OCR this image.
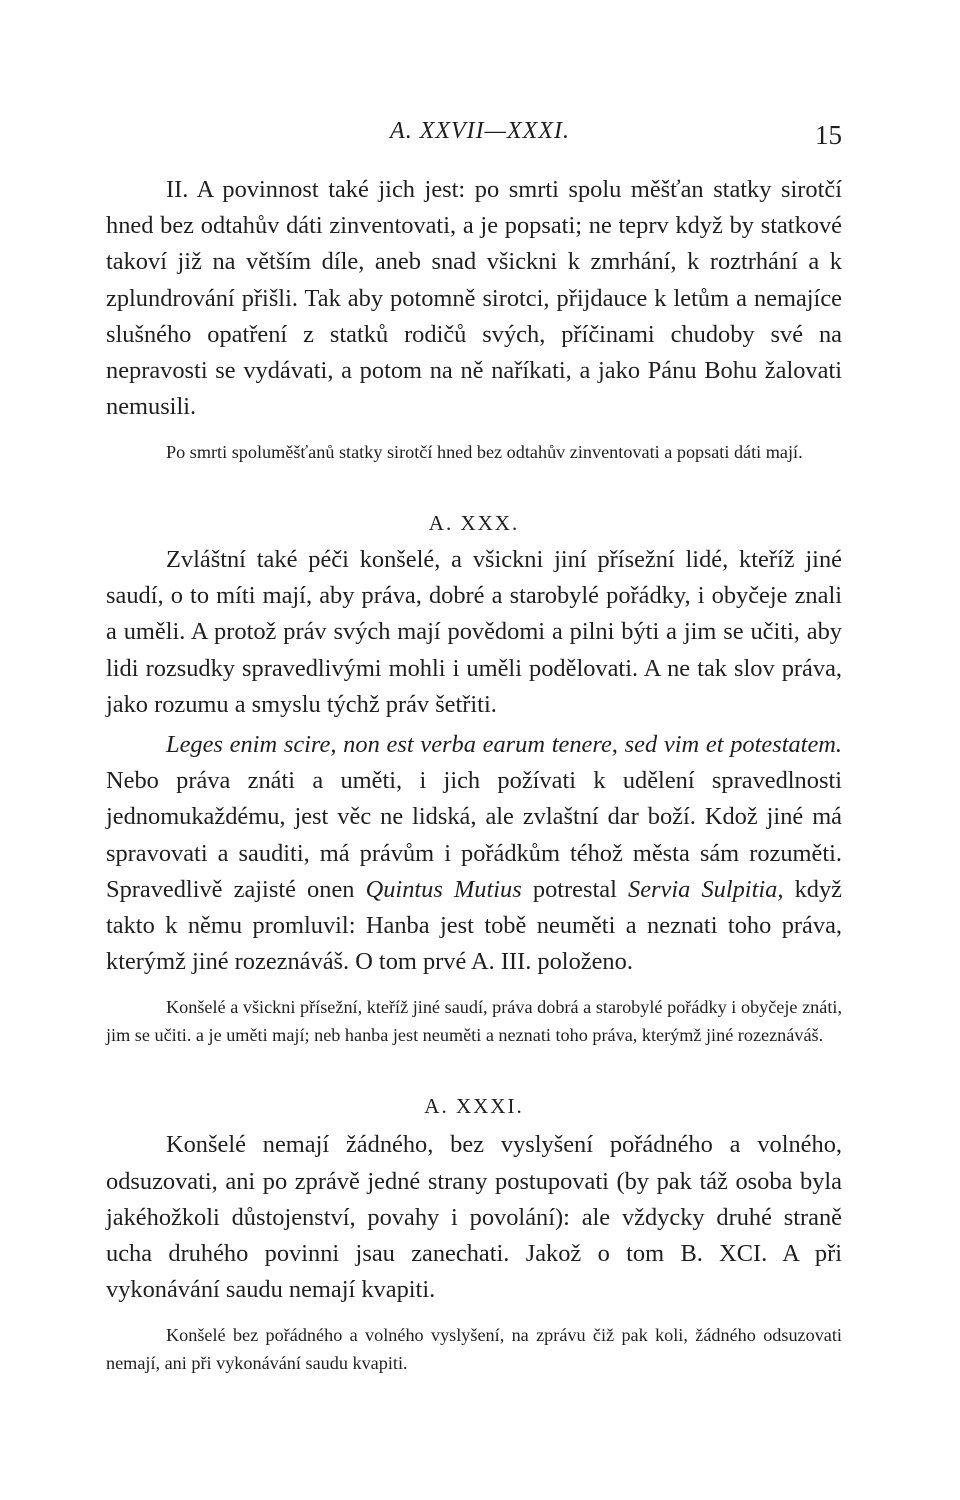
A. XXVII—XXXI.	15

II. A povinnost také jich jest: po smrti spolu měšťan statky sirotčí hned bez odtahův dáti zinventovati, a je popsati; ne teprv když by statkové takoví již na větším díle, aneb snad všickni k zmrhání, k roztrhání a k zplundrování přišli. Tak aby potomně sirotci, přijdauce k letům a nemajíce slušného opatření z statků rodičů svých, příčinami chudoby své na nepravosti se vydávati, a potom na ně naříkati, a jako Pánu Bohu žalovati nemusili.

Po smrti spoluměšťanů statky sirotčí hned bez odtahův zinventovati a popsati dáti mají.

A. XXX.

Zvláštní také péči konšelé, a všickni jiní přísežní lidé, kteříž jiné saudí, o to míti mají, aby práva, dobré a starobylé pořádky, i obyčeje znali a uměli. A protož práv svých mají povědomi a pilni býti a jim se učiti, aby lidi rozsudky spravedlivými mohli i uměli podělovati. A ne tak slov práva, jako rozumu a smyslu týchž práv šetřiti.

Leges enim scire, non est verba earum tenere, sed vim et potestatem. Nebo práva znáti a uměti, i jich požívati k udělení spravedlnosti jednomukaždému, jest věc ne lidská, ale zvlaštní dar boží. Kdož jiné má spravovati a sauditi, má právům i pořádkům téhož města sám rozuměti. Spravedlivě zajisté onen Quintus Mutius potrestal Servia Sulpitia, když takto k němu promluvil: Hanba jest tobě neuměti a neznati toho práva, kterýmž jiné rozeznáváš. O tom prvé A. III. položeno.

Konšelé a všickni přísežní, kteříž jiné saudí, práva dobrá a starobylé pořádky i obyčeje znáti, jim se učiti. a je uměti mají; neb hanba jest neuměti a neznati toho práva, kterýmž jiné rozeznáváš.

A. XXXI.

Konšelé nemají žádného, bez vyslyšení pořádného a volného, odsuzovati, ani po zprávě jedné strany postupovati (by pak táž osoba byla jakéhožkoli důstojenství, povahy i povolání): ale vždycky druhé straně ucha druhého povinni jsau zanechati. Jakož o tom B. XCI. A při vykonávání saudu nemají kvapiti.

Konšelé bez pořádného a volného vyslyšení, na zprávu čiž pak koli, žádného odsuzovati nemají, ani při vykonávání saudu kvapiti.
